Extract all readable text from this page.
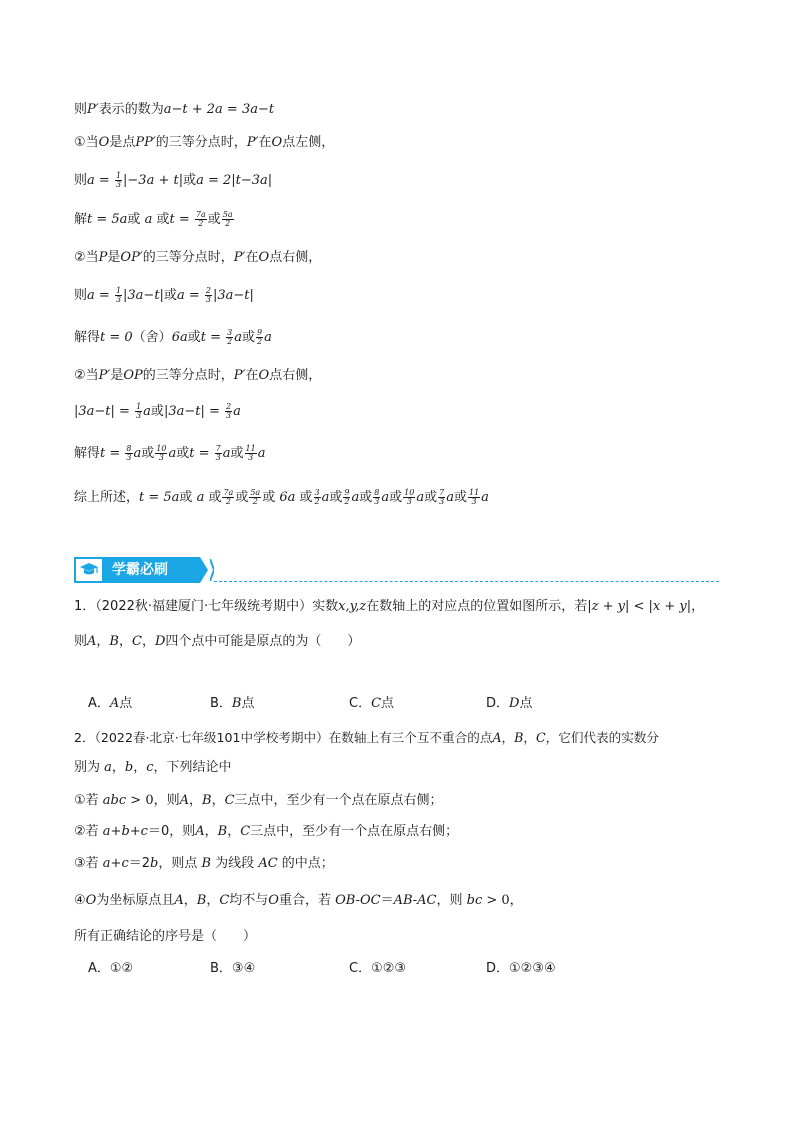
则P′表示的数为a−t + 2a = 3a−t
①当O是点PP′的三等分点时，P′在O点左侧，
则$a = \frac{1}{3} |-3a + t|$或a = 2|t−3a|
解t = 5a或 a 或$t = \frac{7a}{2}$ 或 $\frac{5a}{2}$
②当P是OP′的三等分点时，P′在O点右侧，
则$a = \frac{1}{3} |3a-t|$或$a = \frac{2}{3} |3a-t|$
解得t = 0（舍）6a或$t = \frac{3}{2}$ a或 $\frac{9}{2}$ a
②当P′是OP的三等分点时，P′在O点右侧，
$|3a-t| = \frac{1}{3}$ a或$|3a-t| = \frac{2}{3}$ a
解得$t = \frac{8}{3}$ a或 $\frac{10}{3}$ a或$t = \frac{7}{3}$ a或 $\frac{11}{3}$ a
综上所述，t = 5a或 a 或 $\frac{7a}{2}$ 或 $\frac{5a}{2}$ 或 6a 或 $\frac{3}{2}$ a或 $\frac{9}{2}$ a或 $\frac{8}{3}$ a或 $\frac{10}{3}$ a或 $\frac{7}{3}$ a或 $\frac{11}{3}$ a
学霸必刷
1．（2022秋·福建厦门·七年级统考期中）实数x,y,z在数轴上的对应点的位置如图所示，若|z + y| < |x + y|，
则A，B，C，D四个点中可能是原点的为（　　）
A．A点	B．B点	C．C点	D．D点
2．（2022春·北京·七年级101中学校考期中）在数轴上有三个互不重合的点A，B，C，它们代表的实数分
别为 a，b，c，下列结论中
①若 abc > 0，则A，B，C三点中，至少有一个点在原点右侧；
②若 a+b+c＝0，则A，B，C三点中，至少有一个点在原点右侧；
③若 a+c＝2b，则点 B 为线段 AC 的中点；
④O为坐标原点且A，B，C均不与O重合，若 OB-OC＝AB-AC，则 bc > 0，
所有正确结论的序号是（　　）
A．①②	B．③④	C．①②③	D．①②③④
